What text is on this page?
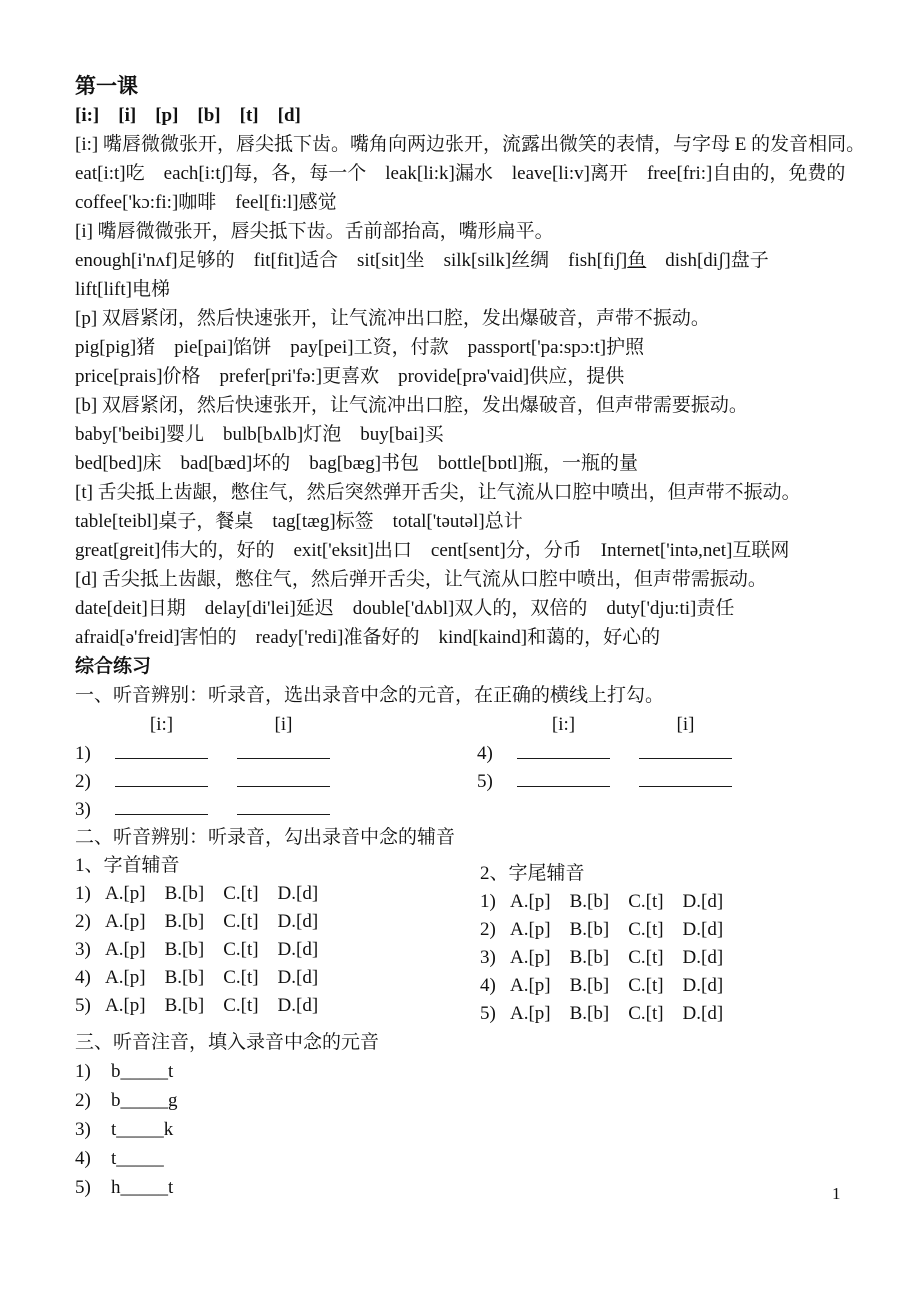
第一课

[i:]    [i]    [p]    [b]    [t]    [d]

[i:] 嘴唇微微张开，唇尖抵下齿。嘴角向两边张开，流露出微笑的表情，与字母 E 的发音相同。

eat[i:t]吃    each[i:tʃ]每，各，每一个    leak[li:k]漏水    leave[li:v]离开    free[fri:]自由的，免费的

coffee['kɔ:fi:]咖啡    feel[fi:l]感觉

[i] 嘴唇微微张开，唇尖抵下齿。舌前部抬高，嘴形扁平。

enough[i'nʌf]足够的    fit[fit]适合    sit[sit]坐    silk[silk]丝绸    fish[fiʃ]鱼    dish[diʃ]盘子

lift[lift]电梯

[p] 双唇紧闭，然后快速张开，让气流冲出口腔，发出爆破音，声带不振动。

pig[pig]猪    pie[pai]馅饼    pay[pei]工资，付款    passport['pa:spɔ:t]护照

price[prais]价格    prefer[pri'fə:]更喜欢    provide[prə'vaid]供应，提供

[b] 双唇紧闭，然后快速张开，让气流冲出口腔，发出爆破音，但声带需要振动。

baby['beibi]婴儿    bulb[bʌlb]灯泡    buy[bai]买

bed[bed]床    bad[bæd]坏的    bag[bæg]书包    bottle[bɒtl]瓶，一瓶的量

[t] 舌尖抵上齿龈，憋住气，然后突然弹开舌尖，让气流从口腔中喷出，但声带不振动。

table[teibl]桌子，餐桌    tag[tæg]标签    total['təutəl]总计

great[greit]伟大的，好的    exit['eksit]出口    cent[sent]分，分币    Internet['intə,net]互联网

[d] 舌尖抵上齿龈，憋住气，然后弹开舌尖，让气流从口腔中喷出，但声带需振动。

date[deit]日期    delay[di'lei]延迟    double['dʌbl]双人的，双倍的    duty['dju:ti]责任

afraid[ə'freid]害怕的    ready['redi]准备好的    kind[kaind]和蔼的，好心的

综合练习

一、听音辨别：听录音，选出录音中念的元音，在正确的横线上打勾。

[i:]	[i]
1)
2)
3)
[i:]	[i]
4)
5)

二、听音辨别：听录音，勾出录音中念的辅音

1、字首辅音

1) A.[p]    B.[b]    C.[t]    D.[d]
2) A.[p]    B.[b]    C.[t]    D.[d]
3) A.[p]    B.[b]    C.[t]    D.[d]
4) A.[p]    B.[b]    C.[t]    D.[d]
5) A.[p]    B.[b]    C.[t]    D.[d]

2、字尾辅音

1) A.[p]    B.[b]    C.[t]    D.[d]
2) A.[p]    B.[b]    C.[t]    D.[d]
3) A.[p]    B.[b]    C.[t]    D.[d]
4) A.[p]    B.[b]    C.[t]    D.[d]
5) A.[p]    B.[b]    C.[t]    D.[d]

三、听音注音，填入录音中念的元音

1) b_____t
2) b_____g
3) t_____k
4) t_____
5) h_____t	1
